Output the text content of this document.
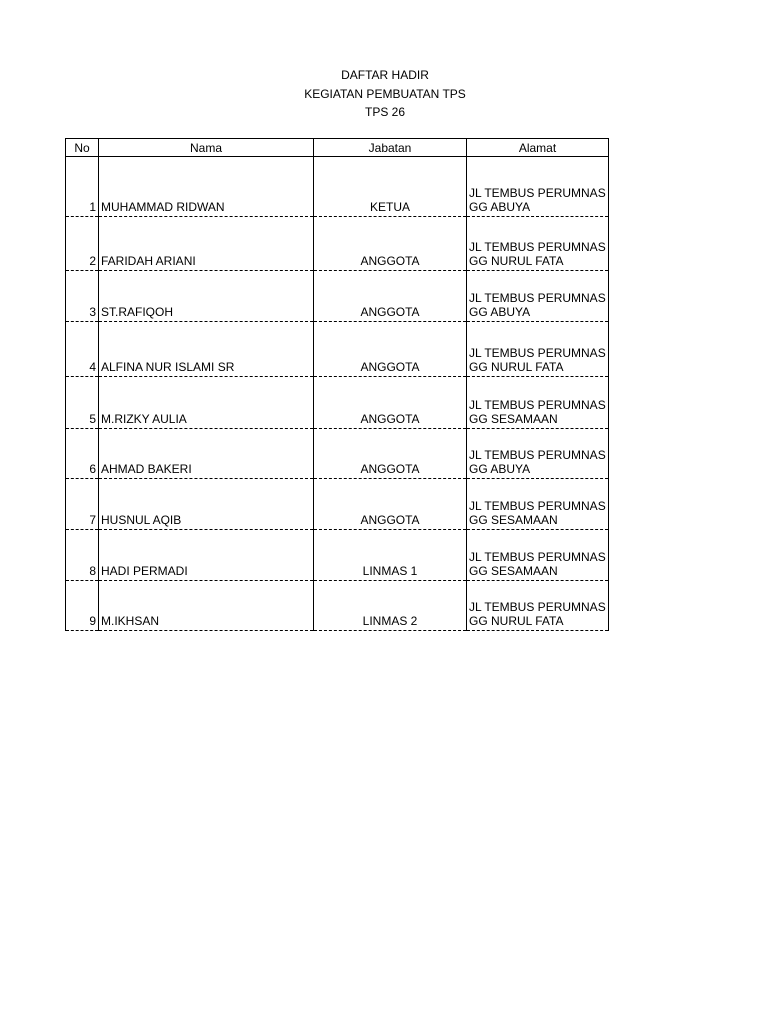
DAFTAR HADIR
KEGIATAN PEMBUATAN TPS
TPS 26
No	Nama	Jabatan	Alamat
1	MUHAMMAD RIDWAN	KETUA	JL TEMBUS PERUMNAS
GG ABUYA

2	FARIDAH ARIANI	ANGGOTA	JL TEMBUS PERUMNAS
GG NURUL FATA

3	ST.RAFIQOH	ANGGOTA	JL TEMBUS PERUMNAS
GG ABUYA

4	ALFINA NUR ISLAMI SR	ANGGOTA	JL TEMBUS PERUMNAS
GG NURUL FATA

5	M.RIZKY AULIA	ANGGOTA	JL TEMBUS PERUMNAS
GG SESAMAAN

6	AHMAD BAKERI	ANGGOTA	JL TEMBUS PERUMNAS
GG ABUYA

7	HUSNUL AQIB	ANGGOTA	JL TEMBUS PERUMNAS
GG SESAMAAN

8	HADI PERMADI	LINMAS 1	JL TEMBUS PERUMNAS
GG SESAMAAN

9	M.IKHSAN	LINMAS 2	JL TEMBUS PERUMNAS
GG NURUL FATA
